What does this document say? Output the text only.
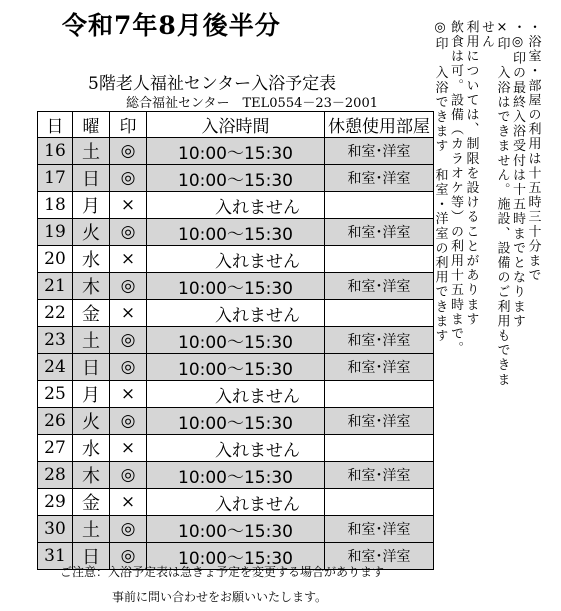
令和7年8月後半分
5階老人福祉センター入浴予定表
総合福祉センター　TEL0554－23－2001
日	曜	印	入浴時間	休憩使用部屋
16	土	◎	10:00～15:30	和室･洋室
17	日	◎	10:00～15:30	和室･洋室
18	月	×	入れません	
19	火	◎	10:00～15:30	和室･洋室
20	水	×	入れません	
21	木	◎	10:00～15:30	和室･洋室
22	金	×	入れません	
23	土	◎	10:00～15:30	和室･洋室
24	日	◎	10:00～15:30	和室･洋室
25	月	×	入れません	
26	火	◎	10:00～15:30	和室･洋室
27	水	×	入れません	
28	木	◎	10:00～15:30	和室･洋室
29	金	×	入れません	
30	土	◎	10:00～15:30	和室･洋室
31	日	◎	10:00～15:30	和室･洋室

・浴室・部屋の利用は十五時三十分まで

・◎印の最終入浴受付は十五時までとなります

×印　入浴はできません。施設、設備のご利用もできません

利用については、制限を設けることがあります

飲食は可。設備（カラオケ等）の利用十五時まで。

◎印　入浴できます　和室・洋室の利用できます

ご注意：入浴予定表は急きょ予定を変更する場合があります
事前に問い合わせをお願いいたします。
